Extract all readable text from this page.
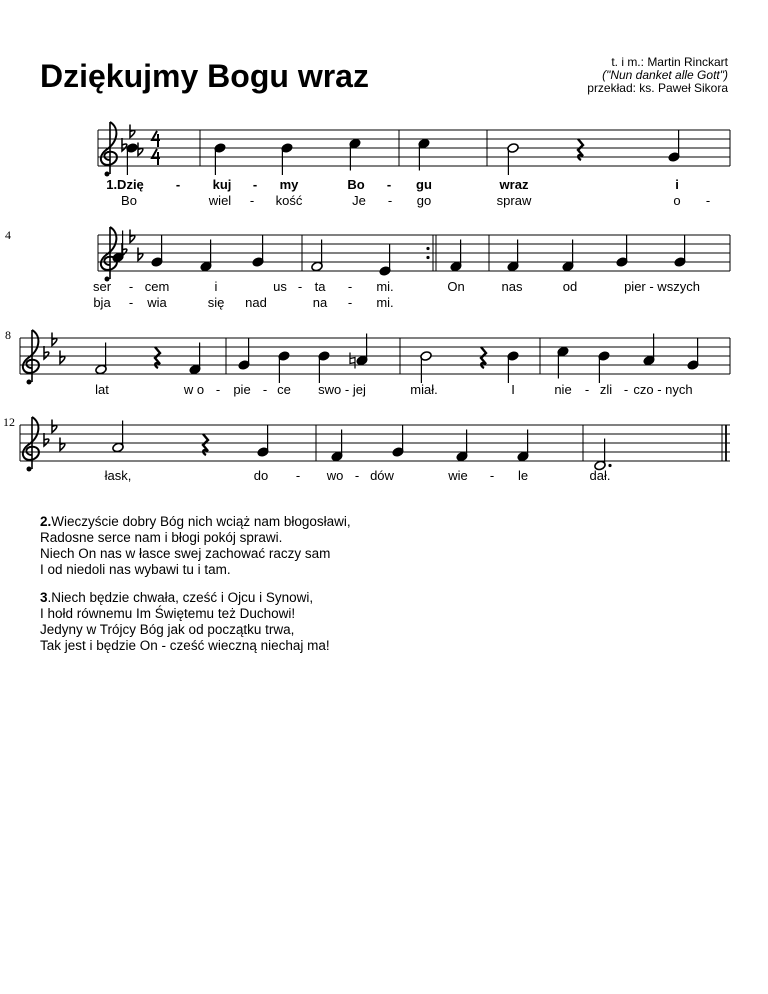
Dziękujmy Bogu wraz	t. i m.: Martin Rinckart
("Nun danket alle Gott")
przekład: ks. Paweł Sikora
4
8
12
1.Dzię - kuj - my	Bo - gu	wraz	i
Bo	wiel - kość	Je - go	spraw	o -
ser - cem	i	us - ta - mi.	On	nas	od	pier - wszych
bja - wia	się nad	na - mi.
lat	w o - pie - ce swo - jej	miał.	I	nie - zli - czo - nych
łask,	do - wo - dów	wie - le	dał.

2.Wieczyście dobry Bóg nich wciąż nam błogosławi,
Radosne serce nam i błogi pokój sprawi.
Niech On nas w łasce swej zachować raczy sam
I od niedoli nas wybawi tu i tam.

3.Niech będzie chwała, cześć i Ojcu i Synowi,
I hołd równemu Im Świętemu też Duchowi!
Jedyny w Trójcy Bóg jak od początku trwa,
Tak jest i będzie On - cześć wieczną niechaj ma!
